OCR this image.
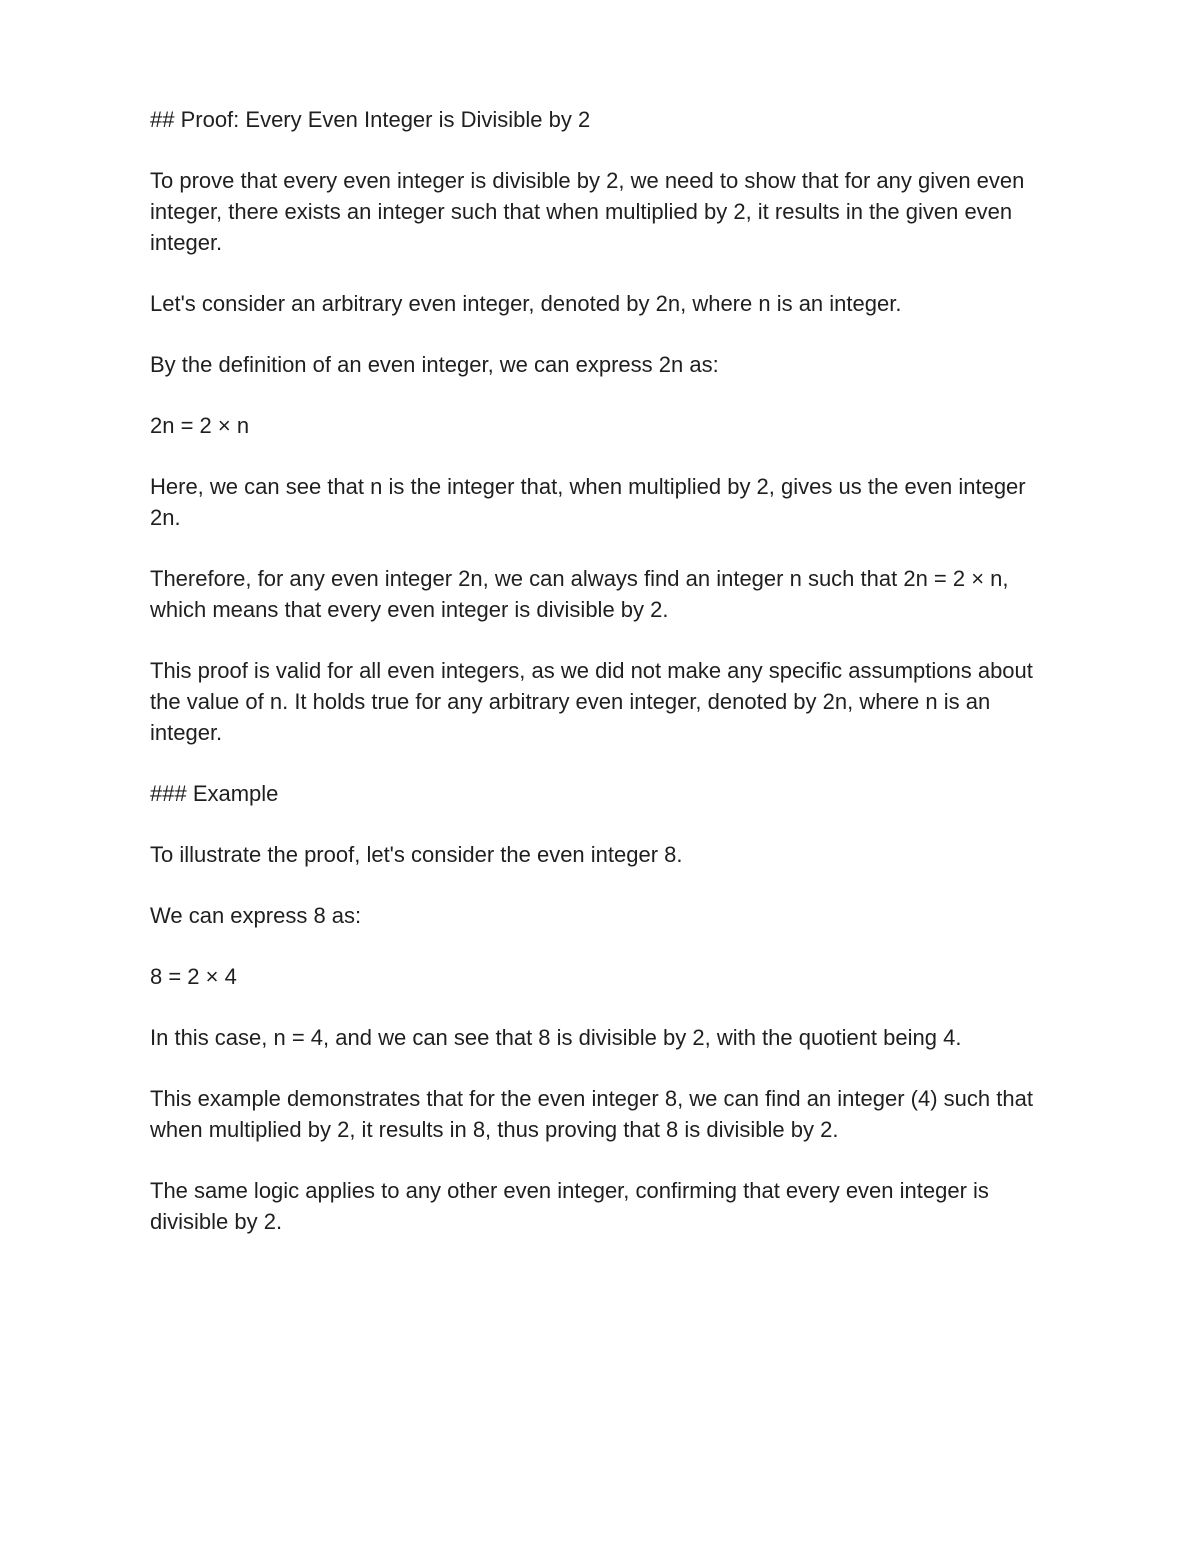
## Proof: Every Even Integer is Divisible by 2

To prove that every even integer is divisible by 2, we need to show that for any given even integer, there exists an integer such that when multiplied by 2, it results in the given even integer.

Let's consider an arbitrary even integer, denoted by 2n, where n is an integer.

By the definition of an even integer, we can express 2n as:

2n = 2 × n

Here, we can see that n is the integer that, when multiplied by 2, gives us the even integer 2n.

Therefore, for any even integer 2n, we can always find an integer n such that 2n = 2 × n, which means that every even integer is divisible by 2.

This proof is valid for all even integers, as we did not make any specific assumptions about the value of n. It holds true for any arbitrary even integer, denoted by 2n, where n is an integer.

### Example

To illustrate the proof, let's consider the even integer 8.

We can express 8 as:

8 = 2 × 4

In this case, n = 4, and we can see that 8 is divisible by 2, with the quotient being 4.

This example demonstrates that for the even integer 8, we can find an integer (4) such that when multiplied by 2, it results in 8, thus proving that 8 is divisible by 2.

The same logic applies to any other even integer, confirming that every even integer is divisible by 2.
